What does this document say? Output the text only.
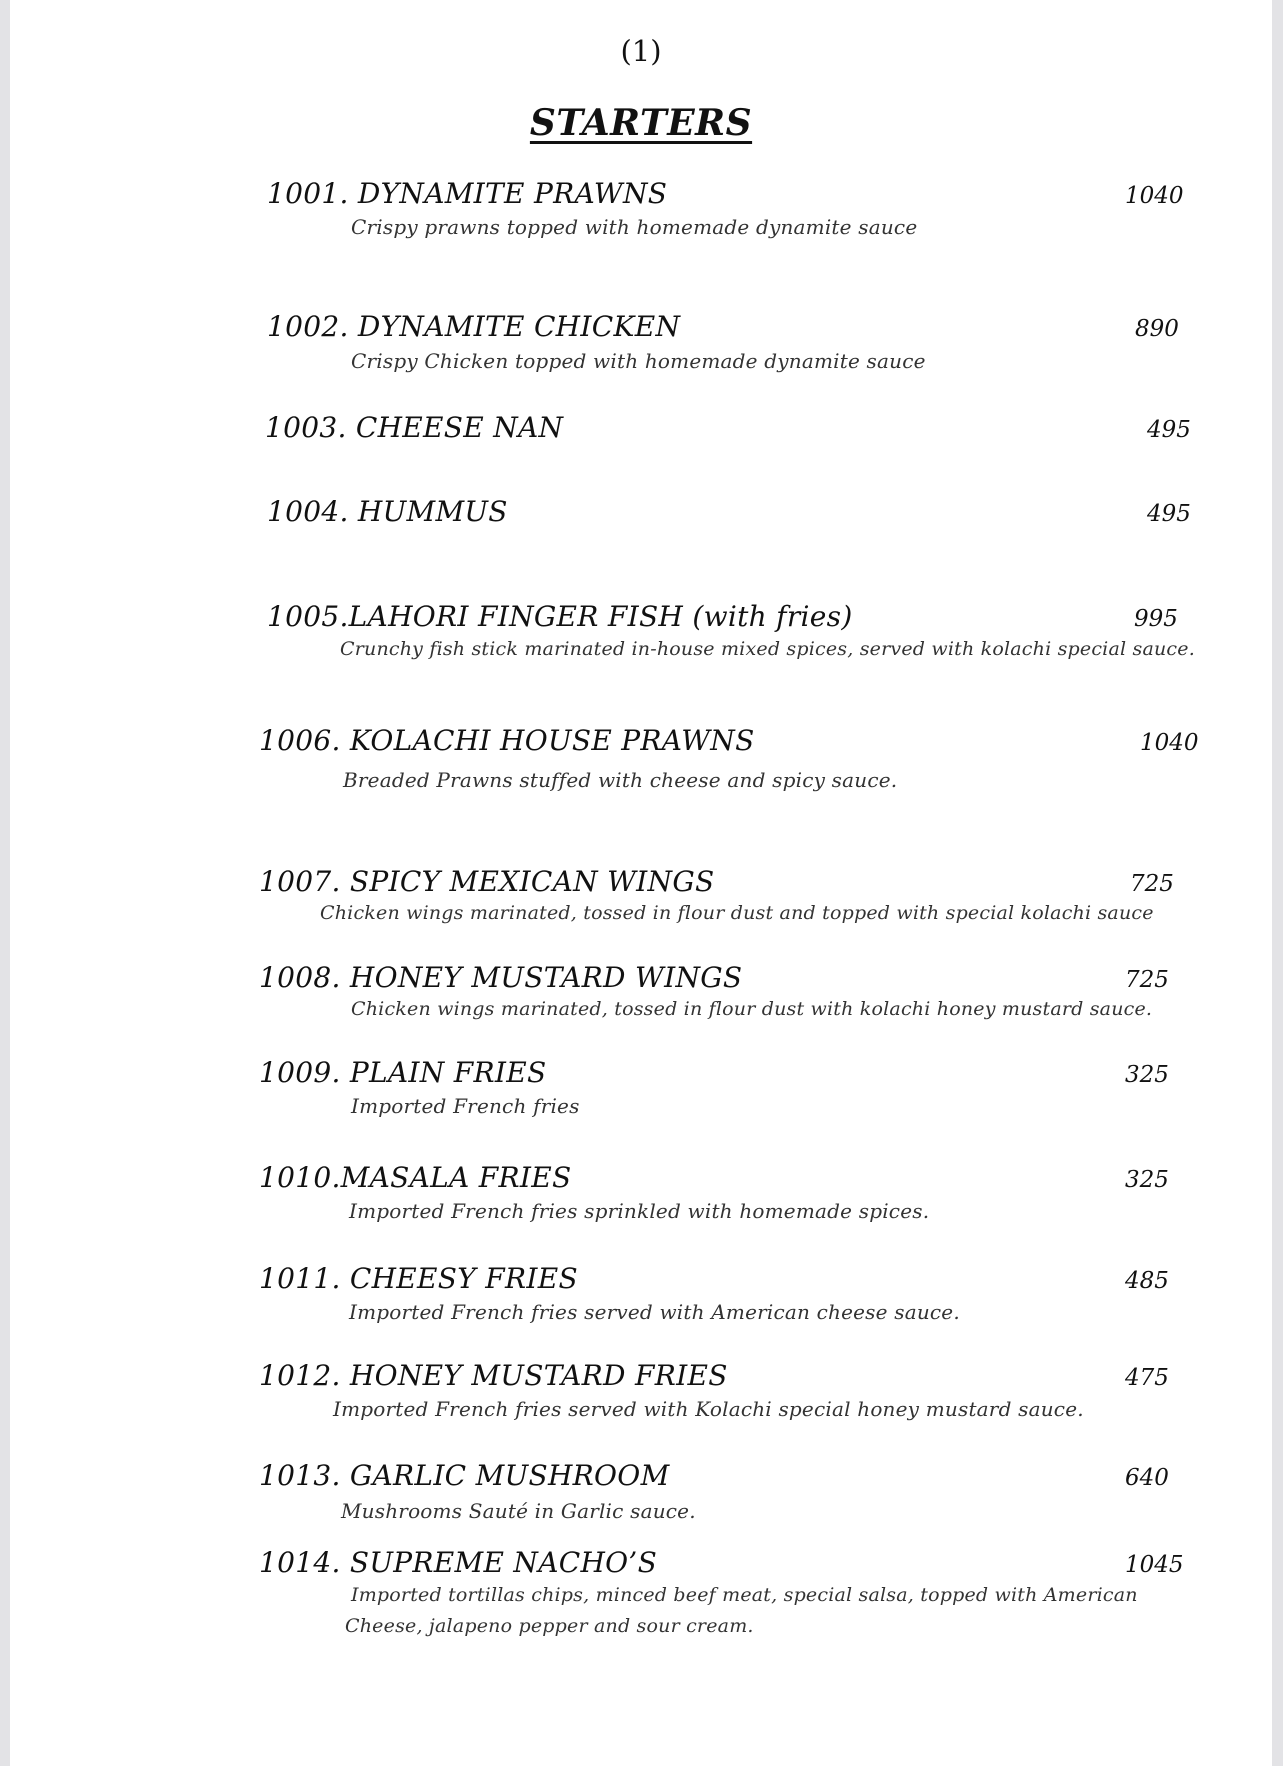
(1)
STARTERS
1001. DYNAMITE PRAWNS	1040
Crispy prawns topped with homemade dynamite sauce
1002. DYNAMITE CHICKEN	890
Crispy Chicken topped with homemade dynamite sauce
1003. CHEESE NAN	495
1004. HUMMUS	495
1005.LAHORI FINGER FISH (with fries)	995
Crunchy fish stick marinated in-house mixed spices, served with kolachi special sauce.
1006. KOLACHI HOUSE PRAWNS	1040
Breaded Prawns stuffed with cheese and spicy sauce.
1007. SPICY MEXICAN WINGS	725
Chicken wings marinated, tossed in flour dust and topped with special kolachi sauce
1008. HONEY MUSTARD WINGS	725
Chicken wings marinated, tossed in flour dust with kolachi honey mustard sauce.
1009. PLAIN FRIES	325
Imported French fries
1010.MASALA FRIES	325
Imported French fries sprinkled with homemade spices.
1011. CHEESY FRIES	485
Imported French fries served with American cheese sauce.
1012. HONEY MUSTARD FRIES	475
Imported French fries served with Kolachi special honey mustard sauce.
1013. GARLIC MUSHROOM	640
Mushrooms Sauté in Garlic sauce.
1014. SUPREME NACHO’S	1045
Imported tortillas chips, minced beef meat, special salsa, topped with American
Cheese, jalapeno pepper and sour cream.
